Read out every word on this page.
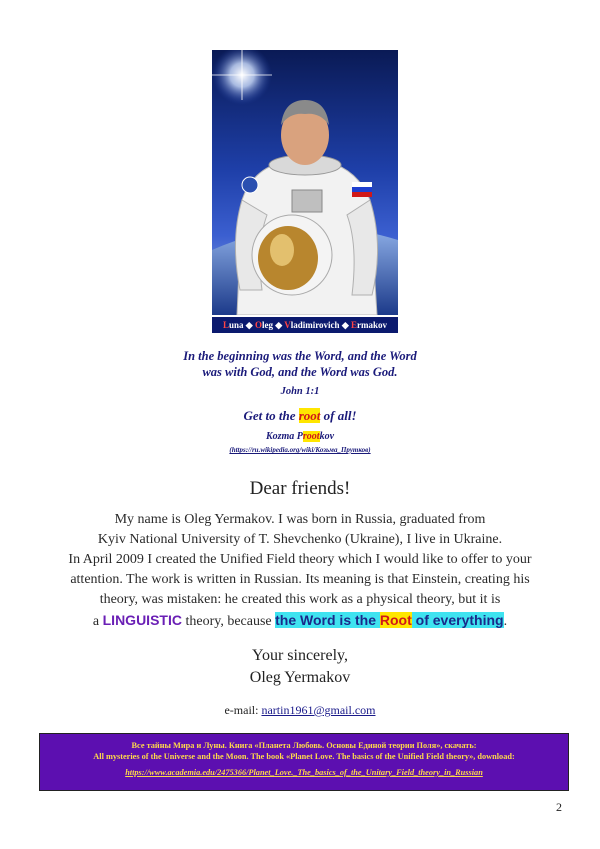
Luna ◆ Oleg ◆ Vladimirovich ◆ Ermakov
In the beginning was the Word, and the Word
was with God, and the Word was God.
John 1:1
Get to the root of all!
Kozma Prootkov
(https://ru.wikipedia.org/wiki/Козьма_Прутков)
Dear friends!
My name is Oleg Yermakov. I was born in Russia, graduated from
Kyiv National University of T. Shevchenko (Ukraine), I live in Ukraine.
In April 2009 I created the Unified Field theory which I would like to offer to your
attention. The work is written in Russian. Its meaning is that Einstein, creating his
theory, was mistaken: he created this work as a physical theory, but it is
a LINGUISTIC theory, because the Word is the Root of everything.
Your sincerely,
Oleg Yermakov
e-mail: nartin1961@gmail.com
Все тайны Мира и Луны. Книга «Планета Любовь. Основы Единой теории Поля», скачать:
All mysteries of the Universe and the Moon. The book «Planet Love. The basics of the Unified Field theory», download:
https://www.academia.edu/2475366/Planet_Love._The_basics_of_the_Unitary_Field_theory_in_Russian
2
